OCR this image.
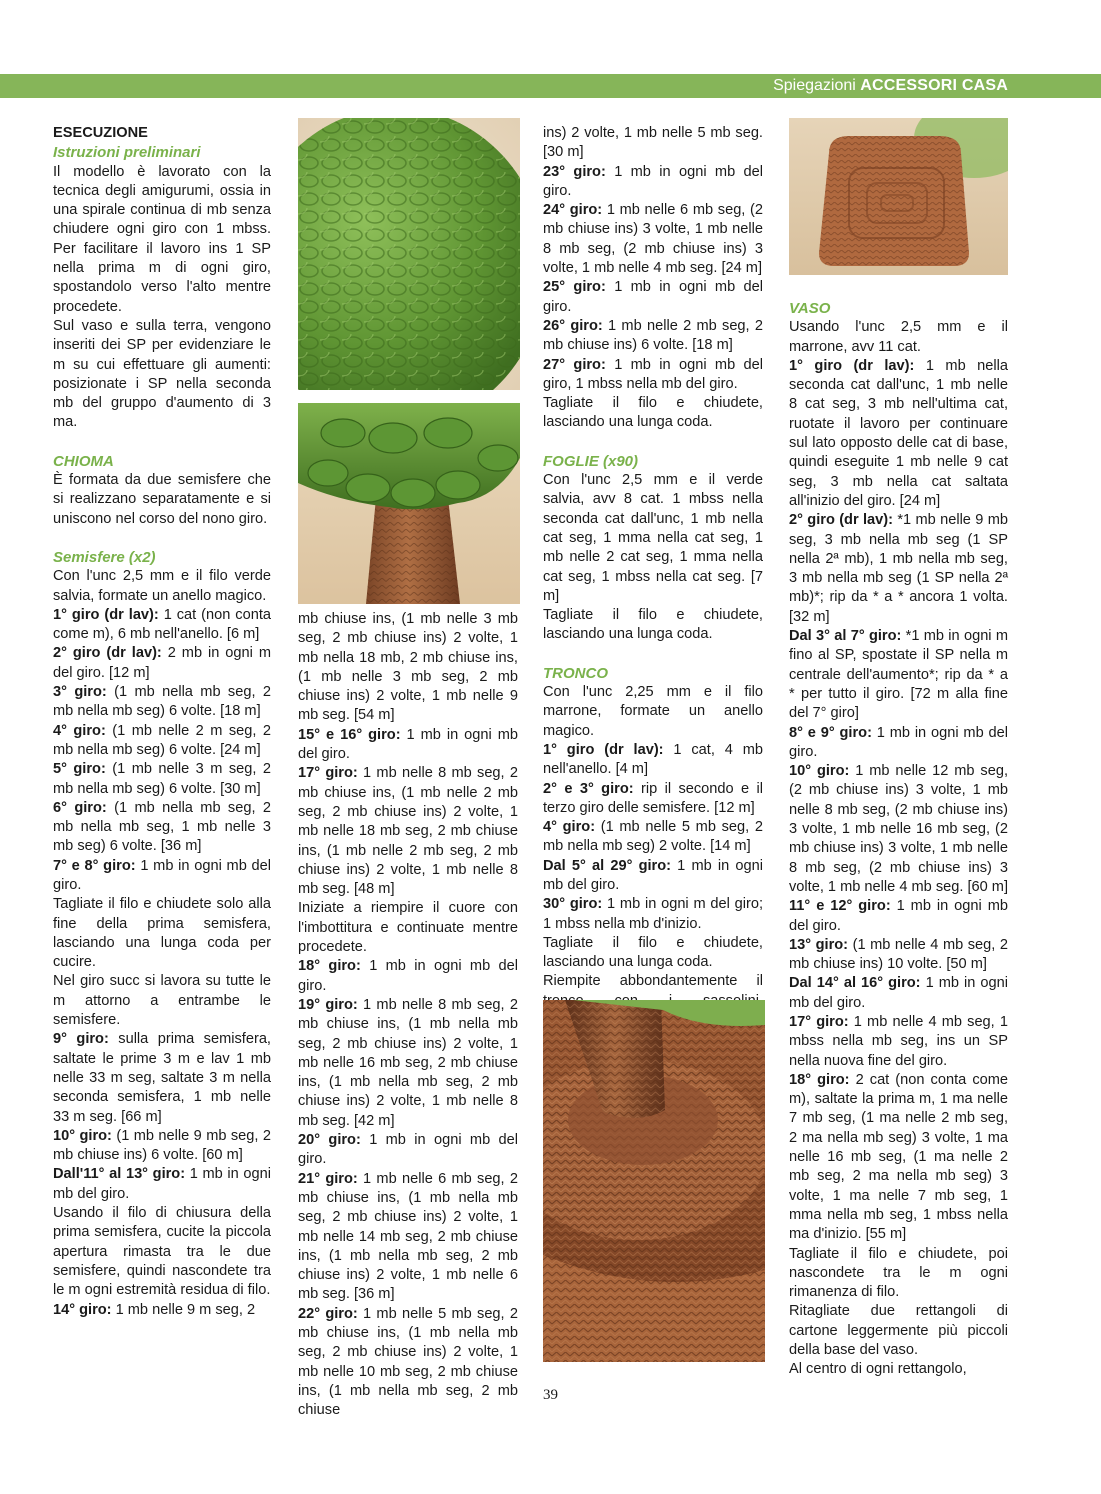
Spiegazioni ACCESSORI CASA
ESECUZIONE
Istruzioni preliminari

Il modello è lavorato con la tecnica degli amigurumi, ossia in una spirale continua di mb senza chiudere ogni giro con 1 mbss. Per facilitare il lavoro ins 1 SP nella prima m di ogni giro, spostandolo verso l'alto mentre procedete.

Sul vaso e sulla terra, vengono inseriti dei SP per evidenziare le m su cui effettuare gli aumenti: posizionate i SP nella seconda mb del gruppo d'aumento di 3 ma.

CHIOMA

È formata da due semisfere che si realizzano separatamente e si uniscono nel corso del nono giro.

Semisfere (x2)

Con l'unc 2,5 mm e il filo verde salvia, formate un anello magico.

1° giro (dr lav): 1 cat (non conta come m), 6 mb nell'anello. [6 m]

2° giro (dr lav): 2 mb in ogni m del giro. [12 m]

3° giro: (1 mb nella mb seg, 2 mb nella mb seg) 6 volte. [18 m]

4° giro: (1 mb nelle 2 m seg, 2 mb nella mb seg) 6 volte. [24 m]

5° giro: (1 mb nelle 3 m seg, 2 mb nella mb seg) 6 volte. [30 m]

6° giro: (1 mb nella mb seg, 2 mb nella mb seg, 1 mb nelle 3 mb seg) 6 volte. [36 m]

7° e 8° giro: 1 mb in ogni mb del giro.

Tagliate il filo e chiudete solo alla fine della prima semisfera, lasciando una lunga coda per cucire.

Nel giro succ si lavora su tutte le m attorno a entrambe le semisfere.

9° giro: sulla prima semisfera, saltate le prime 3 m e lav 1 mb nelle 33 m seg, saltate 3 m nella seconda semisfera, 1 mb nelle 33 m seg. [66 m]

10° giro: (1 mb nelle 9 mb seg, 2 mb chiuse ins) 6 volte. [60 m]

Dall'11° al 13° giro: 1 mb in ogni mb del giro.

Usando il filo di chiusura della prima semisfera, cucite la piccola apertura rimasta tra le due semisfere, quindi nascondete tra le m ogni estremità residua di filo.

14° giro: 1 mb nelle 9 m seg, 2

mb chiuse ins, (1 mb nelle 3 mb seg, 2 mb chiuse ins) 2 volte, 1 mb nella 18 mb, 2 mb chiuse ins, (1 mb nelle 3 mb seg, 2 mb chiuse ins) 2 volte, 1 mb nelle 9 mb seg. [54 m]

15° e 16° giro: 1 mb in ogni mb del giro.

17° giro: 1 mb nelle 8 mb seg, 2 mb chiuse ins, (1 mb nelle 2 mb seg, 2 mb chiuse ins) 2 volte, 1 mb nelle 18 mb seg, 2 mb chiuse ins, (1 mb nelle 2 mb seg, 2 mb chiuse ins) 2 volte, 1 mb nelle 8 mb seg. [48 m]

Iniziate a riempire il cuore con l'imbottitura e continuate mentre procedete.

18° giro: 1 mb in ogni mb del giro.

19° giro: 1 mb nelle 8 mb seg, 2 mb chiuse ins, (1 mb nella mb seg, 2 mb chiuse ins) 2 volte, 1 mb nelle 16 mb seg, 2 mb chiuse ins, (1 mb nella mb seg, 2 mb chiuse ins) 2 volte, 1 mb nelle 8 mb seg. [42 m]

20° giro: 1 mb in ogni mb del giro.

21° giro: 1 mb nelle 6 mb seg, 2 mb chiuse ins, (1 mb nella mb seg, 2 mb chiuse ins) 2 volte, 1 mb nelle 14 mb seg, 2 mb chiuse ins, (1 mb nella mb seg, 2 mb chiuse ins) 2 volte, 1 mb nelle 6 mb seg. [36 m]

22° giro: 1 mb nelle 5 mb seg, 2 mb chiuse ins, (1 mb nella mb seg, 2 mb chiuse ins) 2 volte, 1 mb nelle 10 mb seg, 2 mb chiuse ins, (1 mb nella mb seg, 2 mb chiuse

ins) 2 volte, 1 mb nelle 5 mb seg. [30 m]

23° giro: 1 mb in ogni mb del giro.

24° giro: 1 mb nelle 6 mb seg, (2 mb chiuse ins) 3 volte, 1 mb nelle 8 mb seg, (2 mb chiuse ins) 3 volte, 1 mb nelle 4 mb seg. [24 m]

25° giro: 1 mb in ogni mb del giro.

26° giro: 1 mb nelle 2 mb seg, 2 mb chiuse ins) 6 volte. [18 m]

27° giro: 1 mb in ogni mb del giro, 1 mbss nella mb del giro.

Tagliate il filo e chiudete, lasciando una lunga coda.

FOGLIE (x90)

Con l'unc 2,5 mm e il verde salvia, avv 8 cat. 1 mbss nella seconda cat dall'unc, 1 mb nella cat seg, 1 mma nella cat seg, 1 mb nelle 2 cat seg, 1 mma nella cat seg, 1 mbss nella cat seg. [7 m]

Tagliate il filo e chiudete, lasciando una lunga coda.

TRONCO

Con l'unc 2,25 mm e il filo marrone, formate un anello magico.

1° giro (dr lav): 1 cat, 4 mb nell'anello. [4 m]

2° e 3° giro: rip il secondo e il terzo giro delle semisfere. [12 m]

4° giro: (1 mb nelle 5 mb seg, 2 mb nella mb seg) 2 volte. [14 m]

Dal 5° al 29° giro: 1 mb in ogni mb del giro.

30° giro: 1 mb in ogni m del giro; 1 mbss nella mb d'inizio.

Tagliate il filo e chiudete, lasciando una lunga coda.

Riempite abbondantemente il

VASO

Usando l'unc 2,5 mm e il marrone, avv 11 cat.

1° giro (dr lav): 1 mb nella seconda cat dall'unc, 1 mb nelle 8 cat seg, 3 mb nell'ultima cat, ruotate il lavoro per continuare sul lato opposto delle cat di base, quindi eseguite 1 mb nelle 9 cat seg, 3 mb nella cat saltata all'inizio del giro. [24 m]

2° giro (dr lav): *1 mb nelle 9 mb seg, 3 mb nella mb seg (1 SP nella 2ª mb), 1 mb nella mb seg, 3 mb nella mb seg (1 SP nella 2ª mb)*; rip da * a * ancora 1 volta. [32 m]

Dal 3° al 7° giro: *1 mb in ogni m fino al SP, spostate il SP nella m centrale dell'aumento*; rip da * a * per tutto il giro. [72 m alla fine del 7° giro]

8° e 9° giro: 1 mb in ogni mb del giro.

10° giro: 1 mb nelle 12 mb seg, (2 mb chiuse ins) 3 volte, 1 mb nelle 8 mb seg, (2 mb chiuse ins) 3 volte, 1 mb nelle 16 mb seg, (2 mb chiuse ins) 3 volte, 1 mb nelle 8 mb seg, (2 mb chiuse ins) 3 volte, 1 mb nelle 4 mb seg. [60 m]

11° e 12° giro: 1 mb in ogni mb del giro.

13° giro: (1 mb nelle 4 mb seg, 2 mb chiuse ins) 10 volte. [50 m]

Dal 14° al 16° giro: 1 mb in ogni mb del giro.

17° giro: 1 mb nelle 4 mb seg, 1 mbss nella mb seg, ins un SP nella nuova fine del giro.

18° giro: 2 cat (non conta come m), saltate la prima m, 1 ma nelle 7 mb seg, (1 ma nelle 2 mb seg, 2 ma nella mb seg) 3 volte, 1 ma nelle 16 mb seg, (1 ma nelle 2 mb seg, 2 ma nella mb seg) 3 volte, 1 ma nelle 7 mb seg, 1 mma nella mb seg, 1 mbss nella ma d'inizio. [55 m]

Tagliate il filo e chiudete, poi nascondete tra le m ogni rimanenza di filo.

Ritagliate due rettangoli di cartone leggermente più piccoli della base del vaso.

Al centro di ogni rettangolo,

39
